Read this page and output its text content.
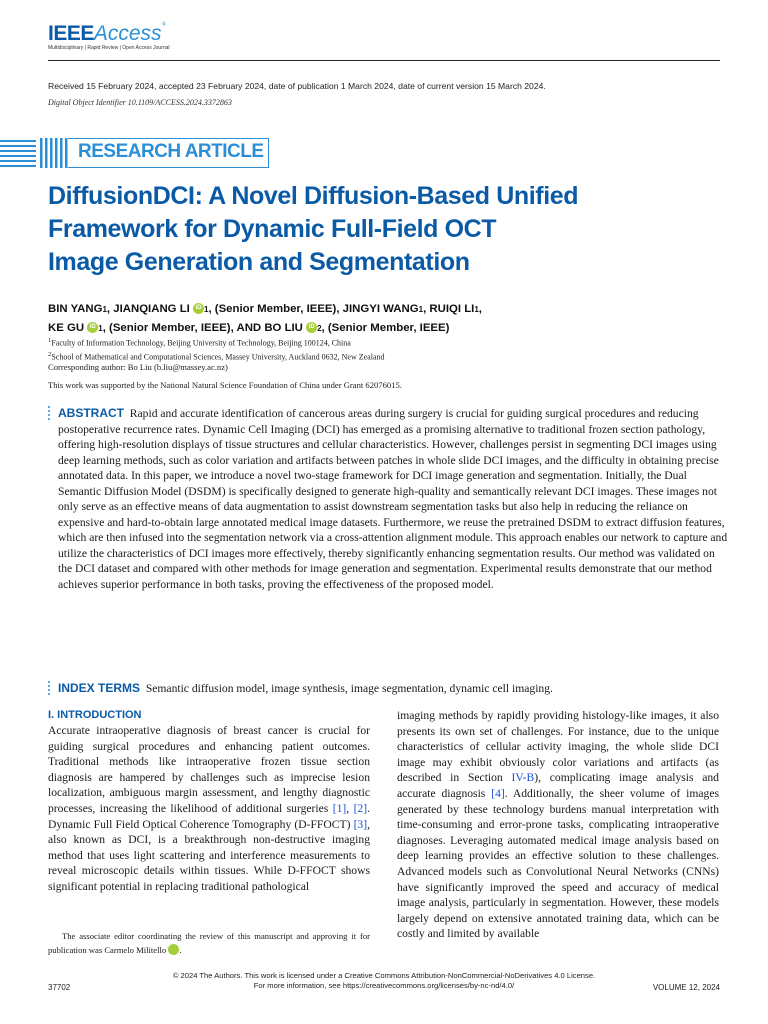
IEEEAccess®
Multidisciplinary | Rapid Review | Open Access Journal
Received 15 February 2024, accepted 23 February 2024, date of publication 1 March 2024, date of current version 15 March 2024.
Digital Object Identifier 10.1109/ACCESS.2024.3372863
RESEARCH ARTICLE
DiffusionDCI: A Novel Diffusion-Based Unified
Framework for Dynamic Full-Field OCT
Image Generation and Segmentation
BIN YANG$^1$, JIANQIANG LI iD $^1$, (Senior Member, IEEE), JINGYI WANG$^1$, RUIQI $LI^1$,
KE GU iD $^1$, (Senior Member, IEEE), AND BO LIU iD $^2$, (Senior Member, IEEE)
$^1$Faculty of Information Technology, Beijing University of Technology, Beijing 100124, China
$^2$School of Mathematical and Computational Sciences, Massey University, Auckland 0632, New Zealand
Corresponding author: Bo Liu (b.liu@massey.ac.nz)
This work was supported by the National Natural Science Foundation of China under Grant 62076015.
ABSTRACT Rapid and accurate identification of cancerous areas during surgery is crucial for guiding surgical procedures and reducing postoperative recurrence rates. Dynamic Cell Imaging (DCI) has emerged as a promising alternative to traditional frozen section pathology, offering high-resolution displays of tissue structures and cellular characteristics. However, challenges persist in segmenting DCI images using deep learning methods, such as color variation and artifacts between patches in whole slide DCI images, and the difficulty in obtaining precise annotated data. In this paper, we introduce a novel two-stage framework for DCI image generation and segmentation. Initially, the Dual Semantic Diffusion Model (DSDM) is specifically designed to generate high-quality and semantically relevant DCI images. These images not only serve as an effective means of data augmentation to assist downstream segmentation tasks but also help in reducing the reliance on expensive and hard-to-obtain large annotated medical image datasets. Furthermore, we reuse the pretrained DSDM to extract diffusion features, which are then infused into the segmentation network via a cross-attention alignment module. This approach enables our network to capture and utilize the characteristics of DCI images more effectively, thereby significantly enhancing segmentation results. Our method was validated on the DCI dataset and compared with other methods for image generation and segmentation. Experimental results demonstrate that our method achieves superior performance in both tasks, proving the effectiveness of the proposed model.
INDEX TERMS Semantic diffusion model, image synthesis, image segmentation, dynamic cell imaging.
I. INTRODUCTION
Accurate intraoperative diagnosis of breast cancer is crucial for guiding surgical procedures and enhancing patient outcomes. Traditional methods like intraoperative frozen tissue section diagnosis are hampered by challenges such as imprecise lesion localization, ambiguous margin assessment, and lengthy diagnostic processes, increasing the likelihood of additional surgeries [1], [2]. Dynamic Full Field Optical Coherence Tomography (D-FFOCT) [3], also known as DCI, is a breakthrough non-destructive imaging method that uses light scattering and interference measurements to reveal microscopic details within tissues. While D-FFOCT shows significant potential in replacing traditional pathological
imaging methods by rapidly providing histology-like images, it also presents its own set of challenges. For instance, due to the unique characteristics of cellular activity imaging, the whole slide DCI image may exhibit obviously color variations and artifacts (as described in Section IV-B), complicating image analysis and accurate diagnosis [4]. Additionally, the sheer volume of images generated by these technology burdens manual interpretation with time-consuming and error-prone tasks, complicating intraoperative diagnoses. Leveraging automated medical image analysis based on deep learning provides an effective solution to these challenges. Advanced models such as Convolutional Neural Networks (CNNs) have significantly improved the speed and accuracy of medical image analysis, particularly in segmentation. However, these models largely depend on extensive annotated training data, which can be costly and limited by available
The associate editor coordinating the review of this manuscript and approving it for publication was Carmelo Militello	iD.
© 2024 The Authors. This work is licensed under a Creative Commons Attribution-NonCommercial-NoDerivatives 4.0 License.
For more information, see https://creativecommons.org/licenses/by-nc-nd/4.0/
37702	VOLUME 12, 2024
